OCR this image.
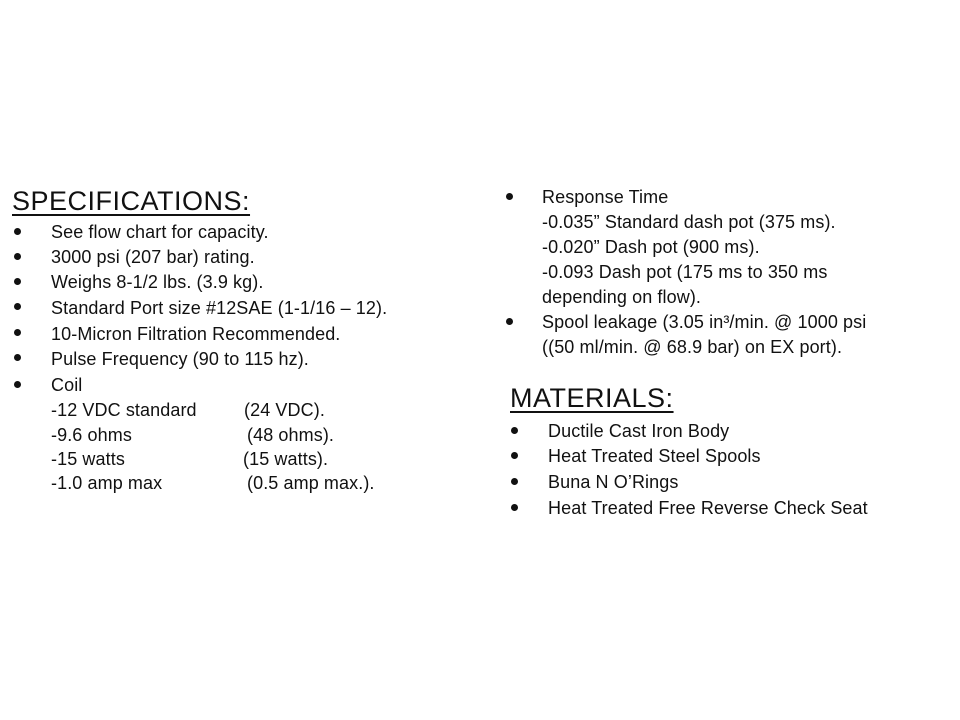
SPECIFICATIONS:
See flow chart for capacity.
3000 psi (207 bar) rating.
Weighs 8-1/2 lbs. (3.9 kg).
Standard Port size #12SAE (1-1/16 – 12).
10-Micron Filtration Recommended.
Pulse Frequency (90 to 115 hz).
Coil
-12 VDC standard	(24 VDC).
-9.6 ohms	(48 ohms).
-15 watts	(15 watts).
-1.0 amp max	(0.5 amp max.).
Response Time
-0.035” Standard dash pot (375 ms).
-0.020” Dash pot (900 ms).
-0.093 Dash pot (175 ms to 350 ms
depending on flow).
Spool leakage (3.05 in³/min. @ 1000 psi
((50 ml/min. @ 68.9 bar) on EX port).
MATERIALS:
Ductile Cast Iron Body
Heat Treated Steel Spools
Buna N O’Rings
Heat Treated Free Reverse Check Seat
